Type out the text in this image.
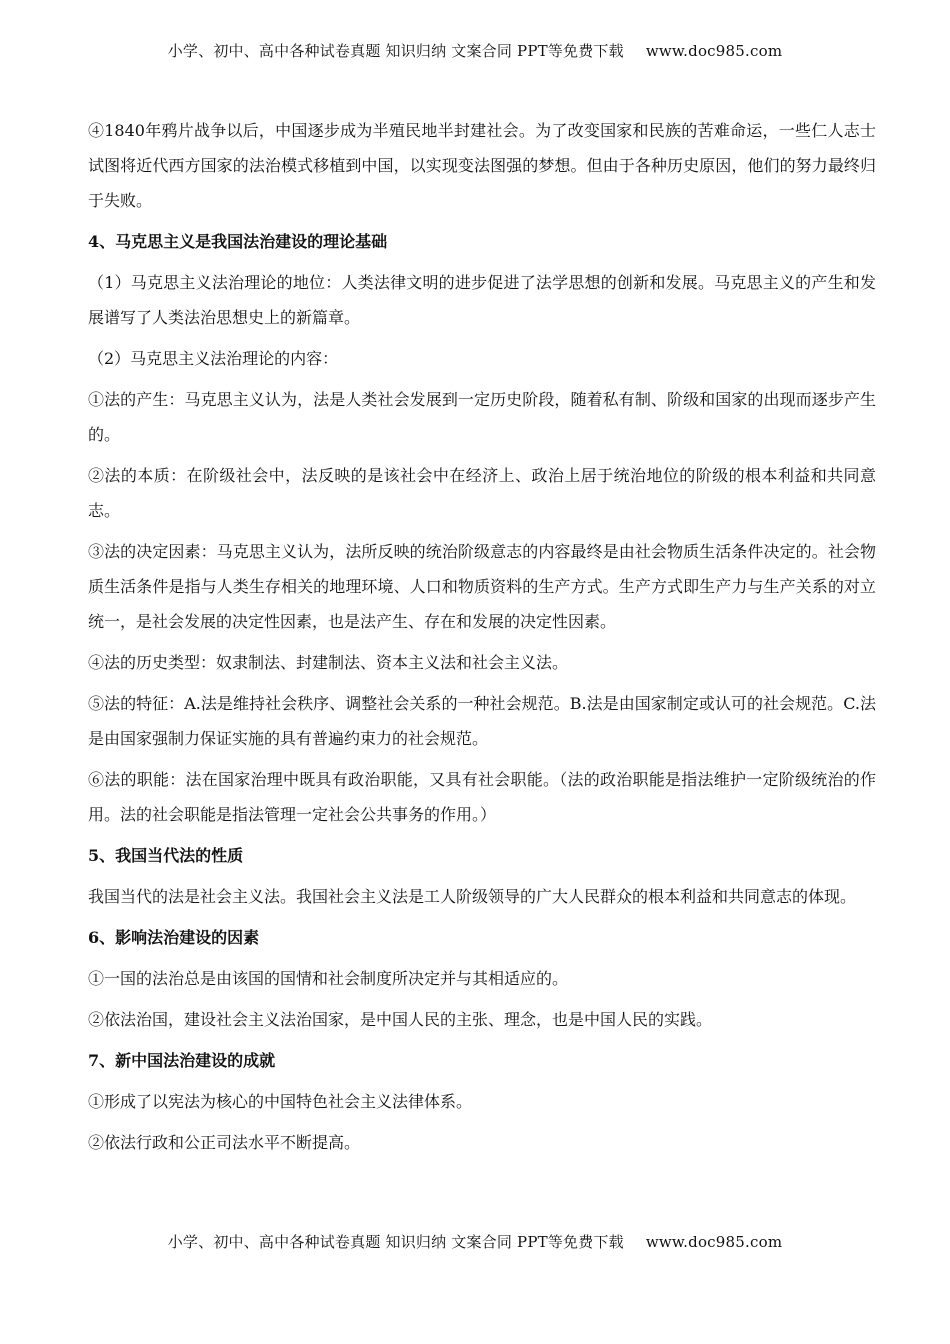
小学、初中、高中各种试卷真题 知识归纳 文案合同 PPT等免费下载 www.doc985.com

④1840年鸦片战争以后，中国逐步成为半殖民地半封建社会。为了改变国家和民族的苦难命运，一些仁人志士试图将近代西方国家的法治模式移植到中国，以实现变法图强的梦想。但由于各种历史原因，他们的努力最终归于失败。

4、马克思主义是我国法治建设的理论基础

（1）马克思主义法治理论的地位：人类法律文明的进步促进了法学思想的创新和发展。马克思主义的产生和发展谱写了人类法治思想史上的新篇章。

（2）马克思主义法治理论的内容：

①法的产生：马克思主义认为，法是人类社会发展到一定历史阶段，随着私有制、阶级和国家的出现而逐步产生的。

②法的本质：在阶级社会中，法反映的是该社会中在经济上、政治上居于统治地位的阶级的根本利益和共同意志。

③法的决定因素：马克思主义认为，法所反映的统治阶级意志的内容最终是由社会物质生活条件决定的。社会物质生活条件是指与人类生存相关的地理环境、人口和物质资料的生产方式。生产方式即生产力与生产关系的对立统一，是社会发展的决定性因素，也是法产生、存在和发展的决定性因素。

④法的历史类型：奴隶制法、封建制法、资本主义法和社会主义法。

⑤法的特征：A.法是维持社会秩序、调整社会关系的一种社会规范。B.法是由国家制定或认可的社会规范。C.法是由国家强制力保证实施的具有普遍约束力的社会规范。

⑥法的职能：法在国家治理中既具有政治职能，又具有社会职能。（法的政治职能是指法维护一定阶级统治的作用。法的社会职能是指法管理一定社会公共事务的作用。）

5、我国当代法的性质

我国当代的法是社会主义法。我国社会主义法是工人阶级领导的广大人民群众的根本利益和共同意志的体现。

6、影响法治建设的因素

①一国的法治总是由该国的国情和社会制度所决定并与其相适应的。

②依法治国，建设社会主义法治国家，是中国人民的主张、理念，也是中国人民的实践。

7、新中国法治建设的成就

①形成了以宪法为核心的中国特色社会主义法律体系。

②依法行政和公正司法水平不断提高。

小学、初中、高中各种试卷真题 知识归纳 文案合同 PPT等免费下载 www.doc985.com
